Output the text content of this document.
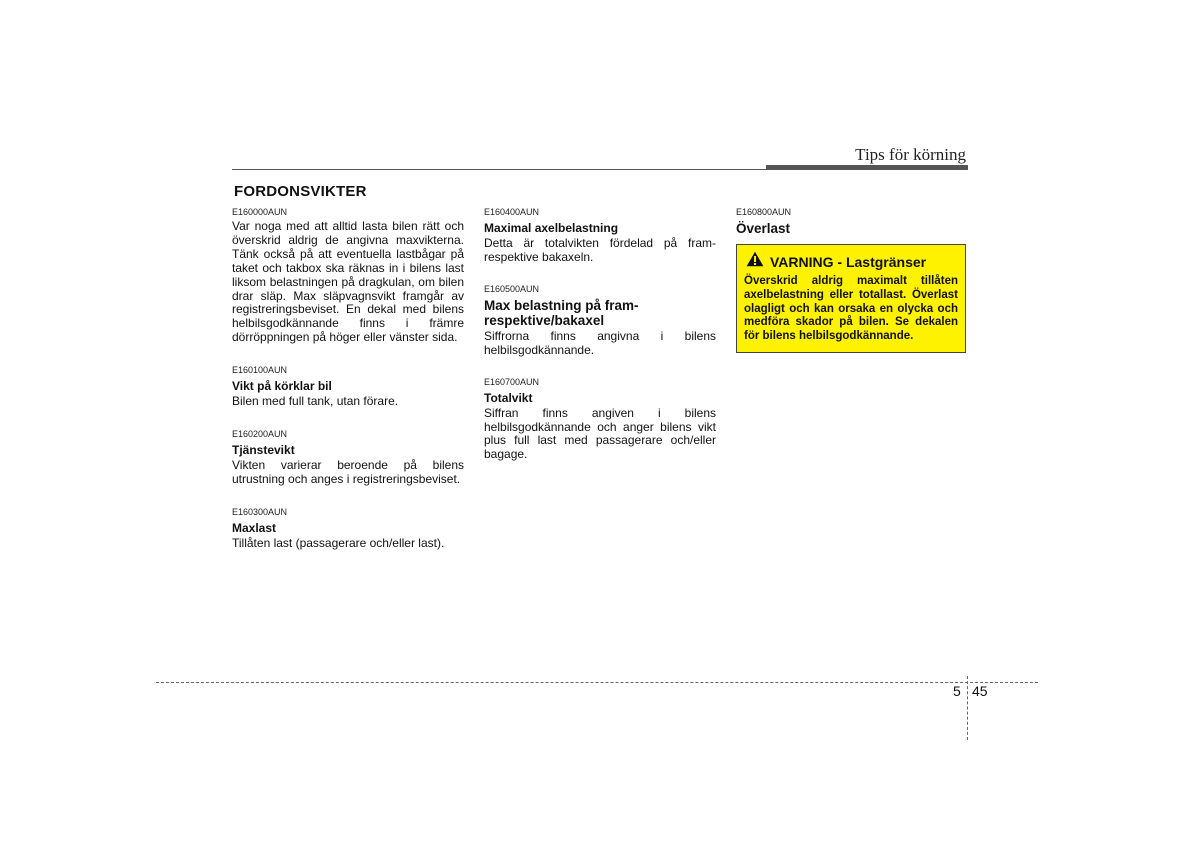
Tips för körning
FORDONSVIKTER

E160000AUN

Var noga med att alltid lasta bilen rätt och överskrid aldrig de angivna maxvikterna. Tänk också på att eventuella lastbågar på taket och takbox ska räknas in i bilens last liksom belastningen på dragkulan, om bilen drar släp. Max släpvagnsvikt framgår av registreringsbeviset. En dekal med bilens helbilsgodkännande finns i främre dörröppningen på höger eller vänster sida.

E160100AUN

Vikt på körklar bil

Bilen med full tank, utan förare.

E160200AUN

Tjänstevikt

Vikten varierar beroende på bilens utrustning och anges i registreringsbeviset.

E160300AUN

Maxlast

Tillåten last (passagerare och/eller last).

E160400AUN

Maximal axelbelastning

Detta är totalvikten fördelad på fram- respektive bakaxeln.

E160500AUN

Max belastning på fram- respektive/bakaxel

Siffrorna finns angivna i bilens helbilsgodkännande.

E160700AUN

Totalvikt

Siffran finns angiven i bilens helbilsgodkännande och anger bilens vikt plus full last med passagerare och/eller bagage.

E160800AUN

Överlast

VARNING - Lastgränser

Överskrid aldrig maximalt tillåten axelbelastning eller totallast. Överlast olagligt och kan orsaka en olycka och medföra skador på bilen. Se dekalen för bilens helbilsgodkännande.

5 45
